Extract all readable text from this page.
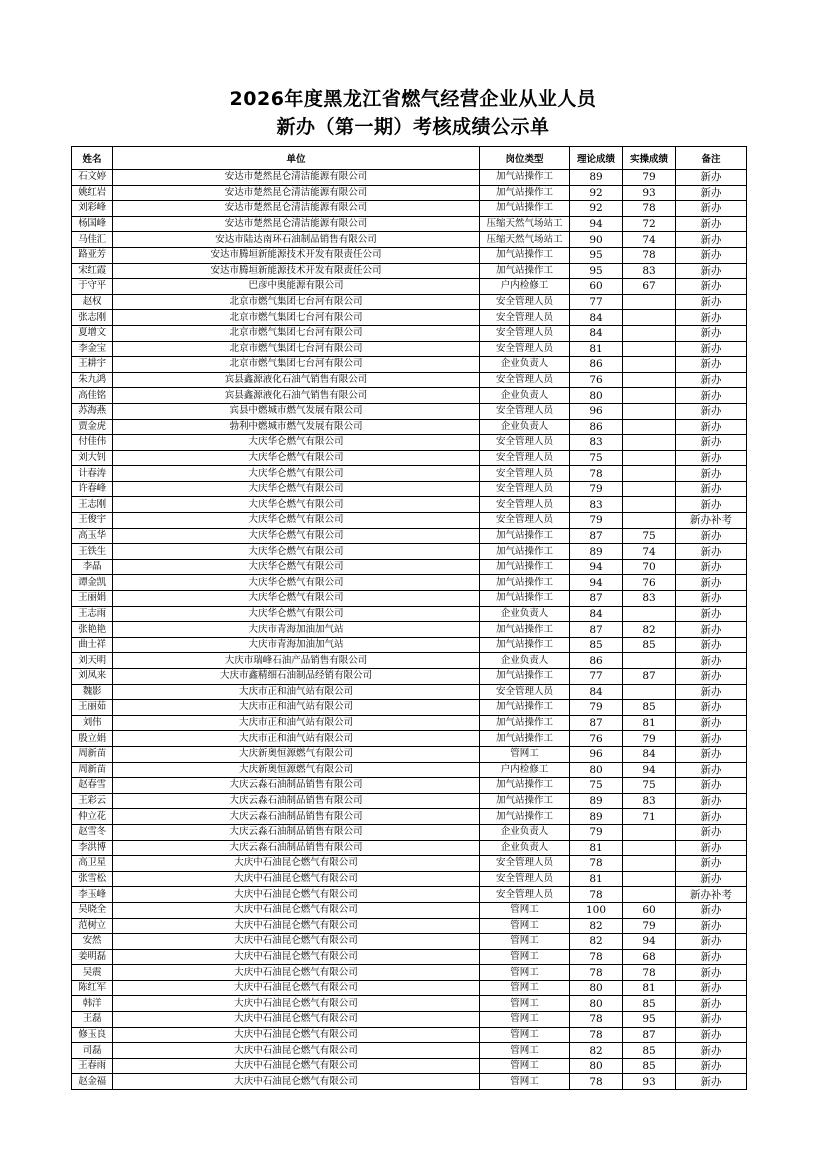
2026年度黑龙江省燃气经营企业从业人员
新办（第一期）考核成绩公示单
姓名	单位	岗位类型	理论成绩	实操成绩	备注
石文婷	安达市楚然昆仑清洁能源有限公司	加气站操作工	89	79	新办
姚红岩	安达市楚然昆仑清洁能源有限公司	加气站操作工	92	93	新办
刘彩峰	安达市楚然昆仑清洁能源有限公司	加气站操作工	92	78	新办
杨国峰	安达市楚然昆仑清洁能源有限公司	压缩天然气场站工	94	72	新办
马佳汇	安达市陆达南环石油制品销售有限公司	压缩天然气场站工	90	74	新办
路亚芳	安达市腾垣新能源技术开发有限责任公司	加气站操作工	95	78	新办
宋红霞	安达市腾垣新能源技术开发有限责任公司	加气站操作工	95	83	新办
于守平	巴彦中奥能源有限公司	户内检修工	60	67	新办
赵权	北京市燃气集团七台河有限公司	安全管理人员	77		新办
张志刚	北京市燃气集团七台河有限公司	安全管理人员	84		新办
夏增文	北京市燃气集团七台河有限公司	安全管理人员	84		新办
李金宝	北京市燃气集团七台河有限公司	安全管理人员	81		新办
王耕宇	北京市燃气集团七台河有限公司	企业负责人	86		新办
朱九鸿	宾县鑫源液化石油气销售有限公司	安全管理人员	76		新办
高佳铭	宾县鑫源液化石油气销售有限公司	企业负责人	80		新办
苏海燕	宾县中燃城市燃气发展有限公司	安全管理人员	96		新办
贾金虎	勃利中燃城市燃气发展有限公司	企业负责人	86		新办
付佳伟	大庆华仑燃气有限公司	安全管理人员	83		新办
刘大钊	大庆华仑燃气有限公司	安全管理人员	75		新办
计春涛	大庆华仑燃气有限公司	安全管理人员	78		新办
许春峰	大庆华仑燃气有限公司	安全管理人员	79		新办
王志刚	大庆华仑燃气有限公司	安全管理人员	83		新办
王俊宇	大庆华仑燃气有限公司	安全管理人员	79		新办补考
高玉华	大庆华仑燃气有限公司	加气站操作工	87	75	新办
王铁生	大庆华仑燃气有限公司	加气站操作工	89	74	新办
李晶	大庆华仑燃气有限公司	加气站操作工	94	70	新办
谭金凯	大庆华仑燃气有限公司	加气站操作工	94	76	新办
王丽娟	大庆华仑燃气有限公司	加气站操作工	87	83	新办
王志雨	大庆华仑燃气有限公司	企业负责人	84		新办
张艳艳	大庆市青海加油加气站	加气站操作工	87	82	新办
曲士祥	大庆市青海加油加气站	加气站操作工	85	85	新办
刘天明	大庆市瑞峰石油产品销售有限公司	企业负责人	86		新办
刘凤来	大庆市鑫精细石油制品经销有限公司	加气站操作工	77	87	新办
魏影	大庆市正和油气站有限公司	安全管理人员	84		新办
王丽茹	大庆市正和油气站有限公司	加气站操作工	79	85	新办
刘伟	大庆市正和油气站有限公司	加气站操作工	87	81	新办
殷立娟	大庆市正和油气站有限公司	加气站操作工	76	79	新办
周新苗	大庆新奥恒源燃气有限公司	管网工	96	84	新办
周新苗	大庆新奥恒源燃气有限公司	户内检修工	80	94	新办
赵春雪	大庆云淼石油制品销售有限公司	加气站操作工	75	75	新办
王彩云	大庆云淼石油制品销售有限公司	加气站操作工	89	83	新办
仲立花	大庆云淼石油制品销售有限公司	加气站操作工	89	71	新办
赵雪冬	大庆云淼石油制品销售有限公司	企业负责人	79		新办
李洪博	大庆云淼石油制品销售有限公司	企业负责人	81		新办
高卫星	大庆中石油昆仑燃气有限公司	安全管理人员	78		新办
张雪松	大庆中石油昆仑燃气有限公司	安全管理人员	81		新办
李玉峰	大庆中石油昆仑燃气有限公司	安全管理人员	78		新办补考
吴晓全	大庆中石油昆仑燃气有限公司	管网工	100	60	新办
范树立	大庆中石油昆仑燃气有限公司	管网工	82	79	新办
安然	大庆中石油昆仑燃气有限公司	管网工	82	94	新办
姜明磊	大庆中石油昆仑燃气有限公司	管网工	78	68	新办
吴震	大庆中石油昆仑燃气有限公司	管网工	78	78	新办
陈红军	大庆中石油昆仑燃气有限公司	管网工	80	81	新办
韩洋	大庆中石油昆仑燃气有限公司	管网工	80	85	新办
王磊	大庆中石油昆仑燃气有限公司	管网工	78	95	新办
修玉良	大庆中石油昆仑燃气有限公司	管网工	78	87	新办
司磊	大庆中石油昆仑燃气有限公司	管网工	82	85	新办
王春雨	大庆中石油昆仑燃气有限公司	管网工	80	85	新办
赵金福	大庆中石油昆仑燃气有限公司	管网工	78	93	新办
